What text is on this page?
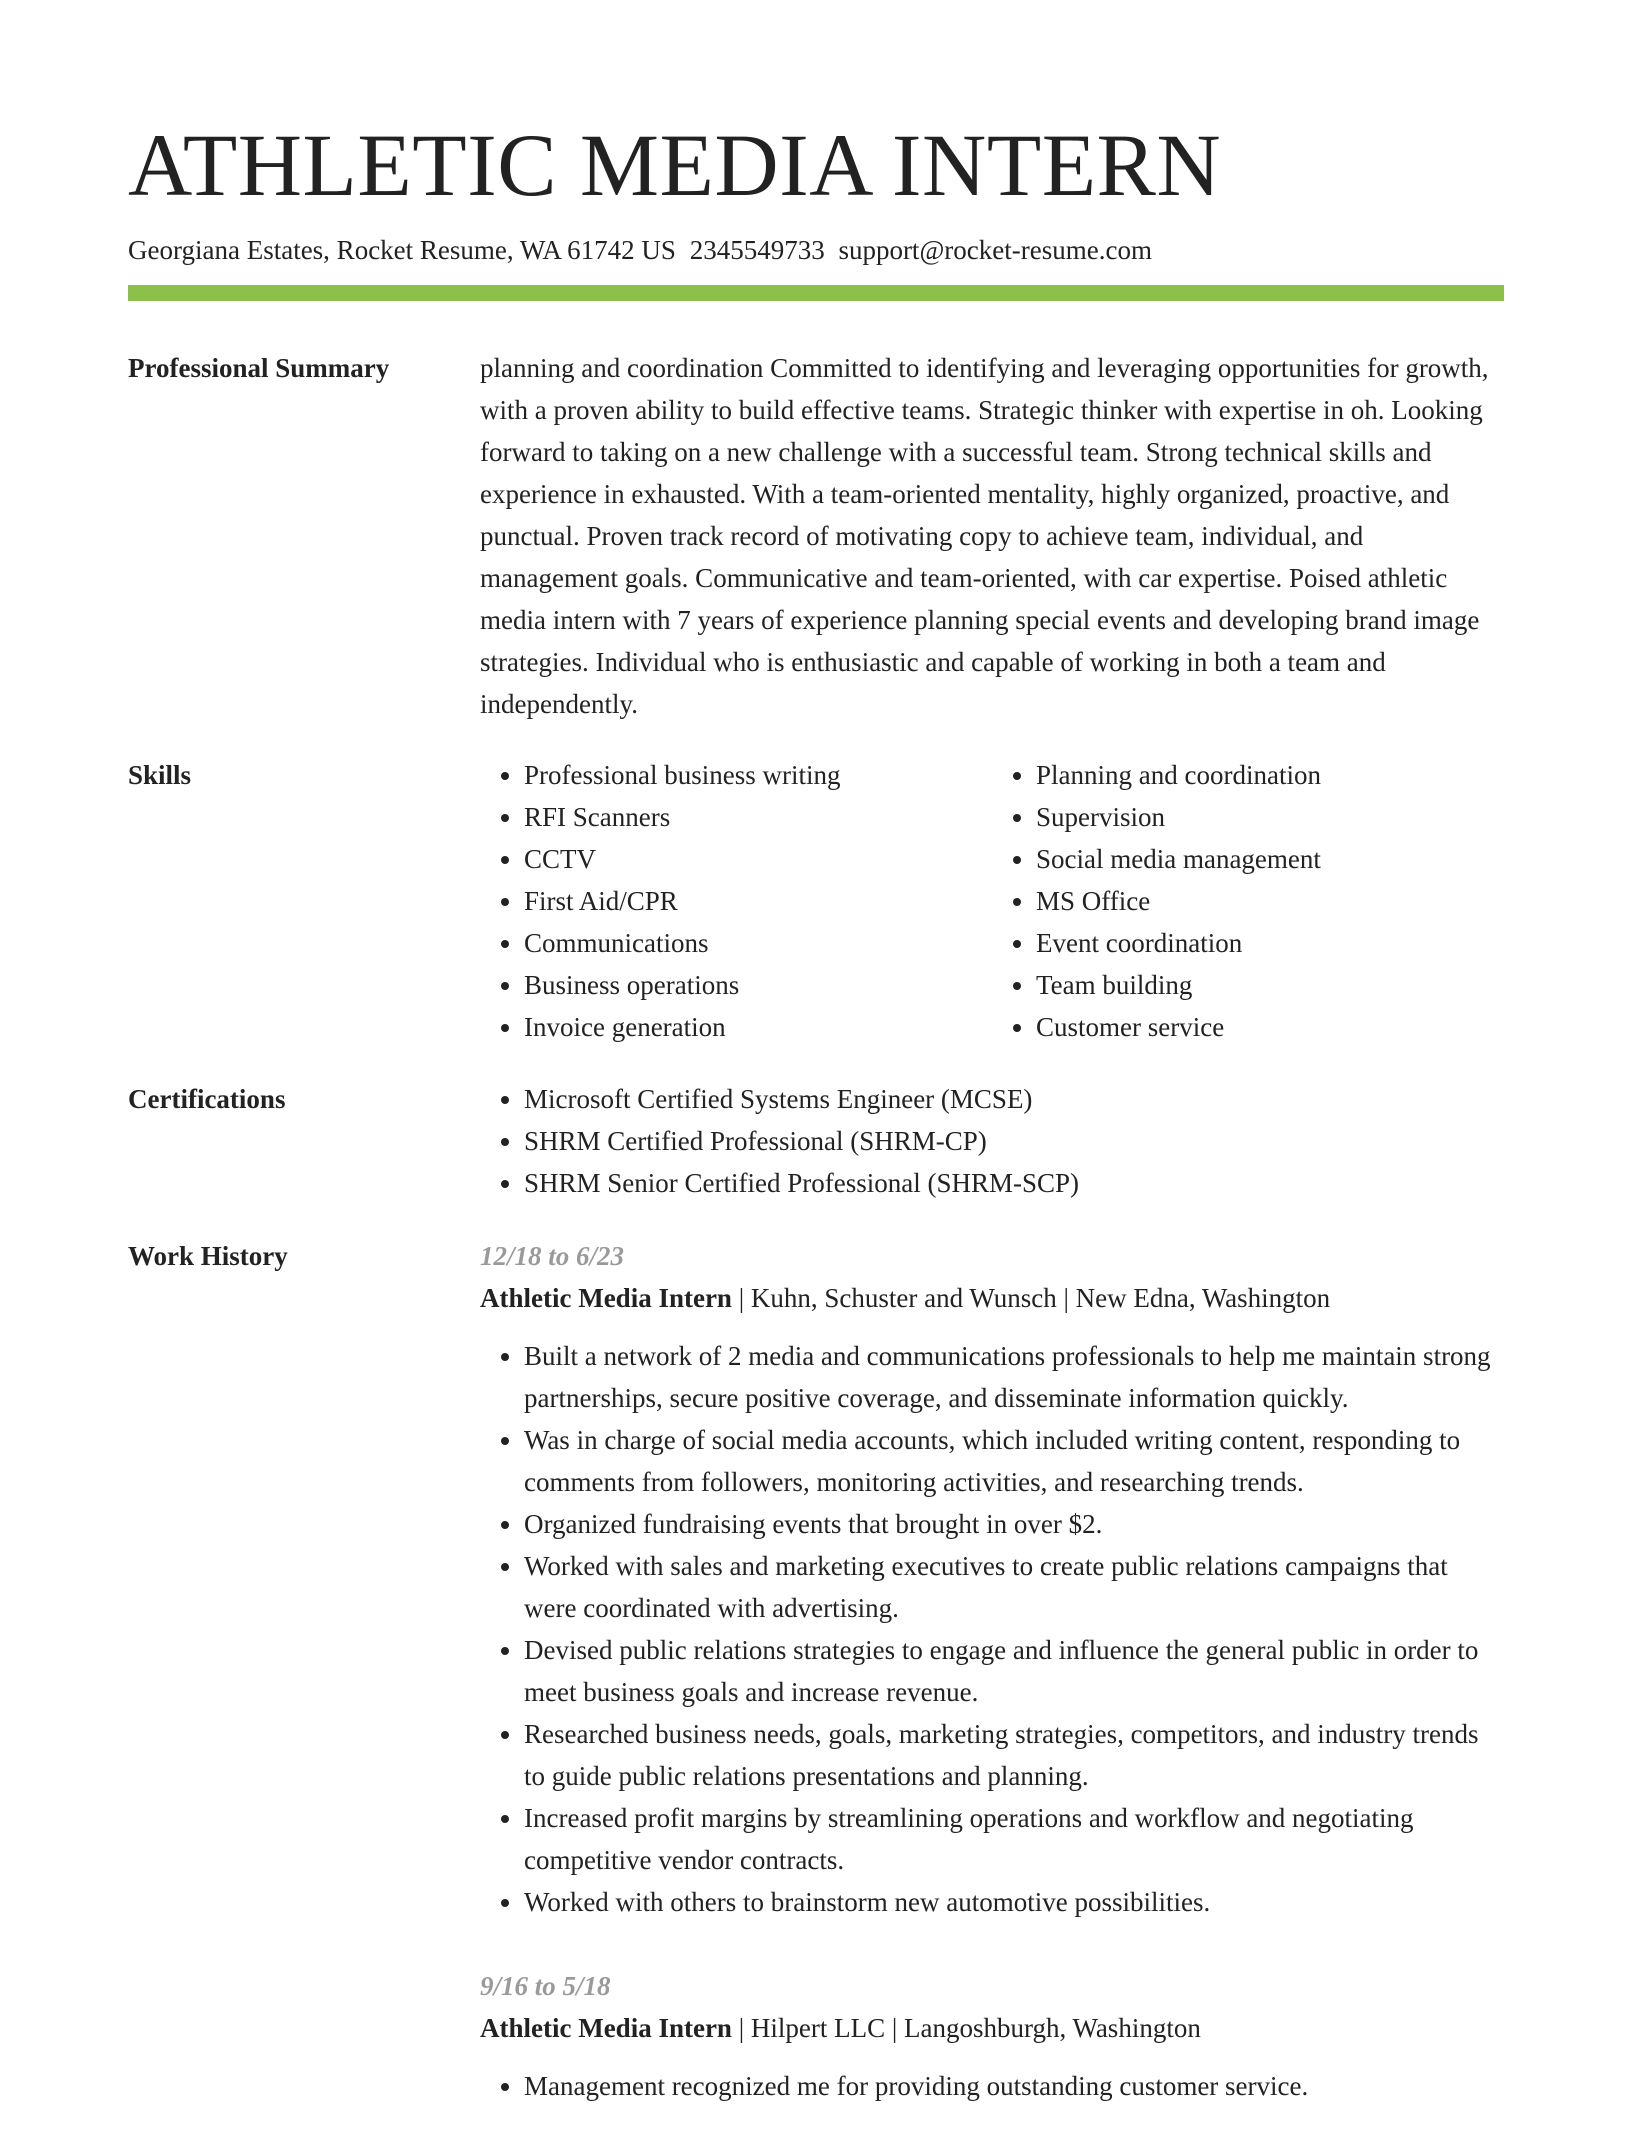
ATHLETIC MEDIA INTERN
Georgiana Estates, Rocket Resume, WA 61742 US 2345549733 support@rocket-resume.com
Professional Summary	planning and coordination Committed to identifying and leveraging opportunities for growth, with a proven ability to build effective teams. Strategic thinker with expertise in oh. Looking forward to taking on a new challenge with a successful team. Strong technical skills and experience in exhausted. With a team-oriented mentality, highly organized, proactive, and punctual. Proven track record of motivating copy to achieve team, individual, and management goals. Communicative and team-oriented, with car expertise. Poised athletic media intern with 7 years of experience planning special events and developing brand image strategies. Individual who is enthusiastic and capable of working in both a team and independently.

Skills	• Professional business writing
• RFI Scanners
• CCTV
• First Aid/CPR
• Communications
• Business operations
• Invoice generation
• Planning and coordination
• Supervision
• Social media management
• MS Office
• Event coordination
• Team building
• Customer service
Certifications	• Microsoft Certified Systems Engineer (MCSE)
• SHRM Certified Professional (SHRM-CP)
• SHRM Senior Certified Professional (SHRM-SCP)
Work History	12/18 to 6/23
Athletic Media Intern | Kuhn, Schuster and Wunsch | New Edna, Washington
• Built a network of 2 media and communications professionals to help me maintain strong partnerships, secure positive coverage, and disseminate information quickly.
• Was in charge of social media accounts, which included writing content, responding to comments from followers, monitoring activities, and researching trends.
• Organized fundraising events that brought in over $2.
• Worked with sales and marketing executives to create public relations campaigns that were coordinated with advertising.
• Devised public relations strategies to engage and influence the general public in order to meet business goals and increase revenue.
• Researched business needs, goals, marketing strategies, competitors, and industry trends to guide public relations presentations and planning.
• Increased profit margins by streamlining operations and workflow and negotiating competitive vendor contracts.
• Worked with others to brainstorm new automotive possibilities.
9/16 to 5/18
Athletic Media Intern | Hilpert LLC | Langoshburgh, Washington
• Management recognized me for providing outstanding customer service.
